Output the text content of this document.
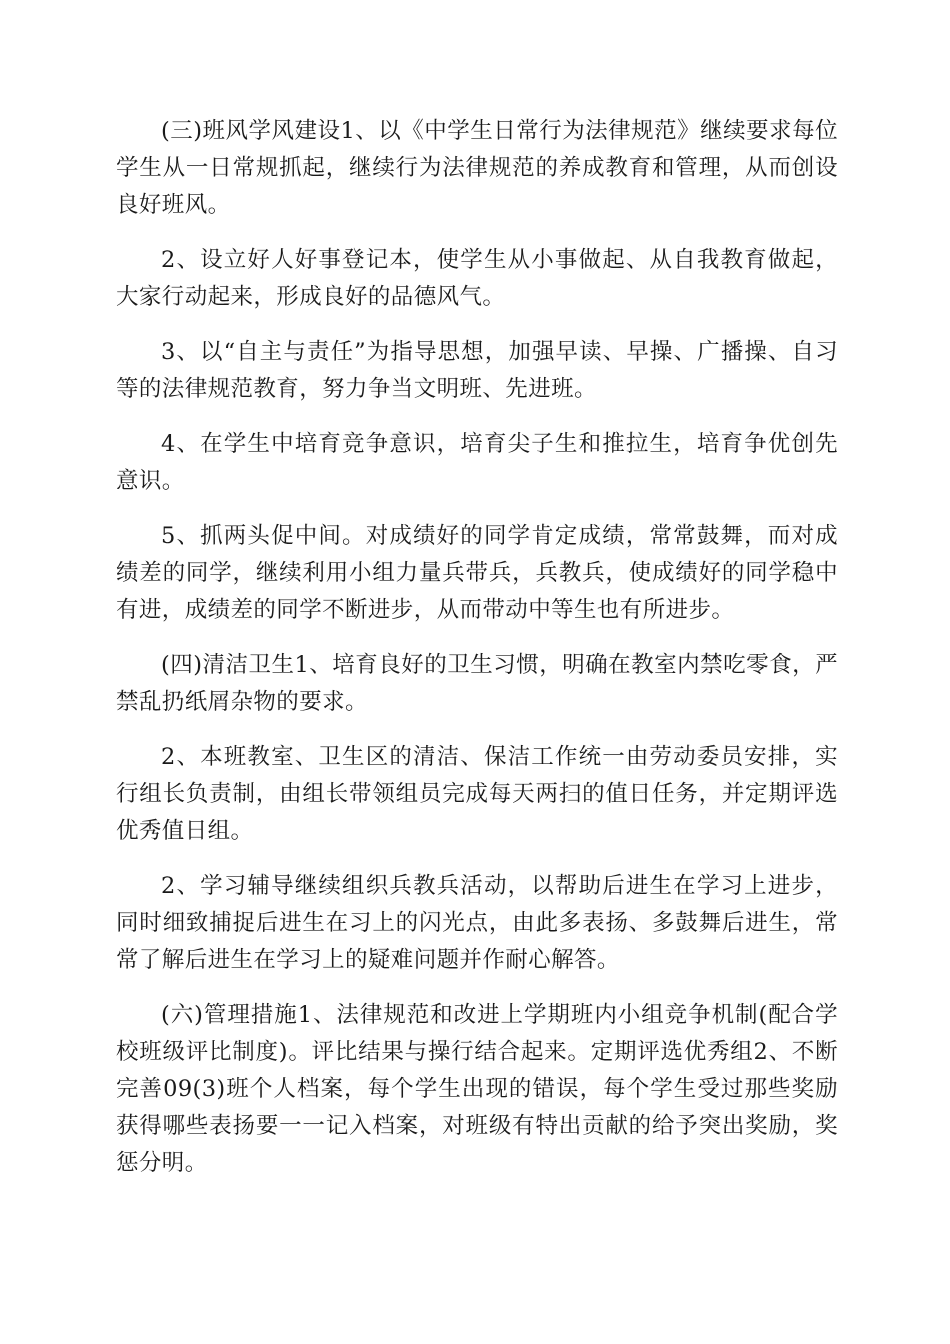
(三)班风学风建设1、以《中学生日常行为法律规范》继续要求每位学生从一日常规抓起，继续行为法律规范的养成教育和管理，从而创设良好班风。

2、设立好人好事登记本，使学生从小事做起、从自我教育做起，大家行动起来，形成良好的品德风气。

3、以“自主与责任”为指导思想，加强早读、早操、广播操、自习等的法律规范教育，努力争当文明班、先进班。

4、在学生中培育竞争意识，培育尖子生和推拉生，培育争优创先意识。

5、抓两头促中间。对成绩好的同学肯定成绩，常常鼓舞，而对成绩差的同学，继续利用小组力量兵带兵，兵教兵，使成绩好的同学稳中有进，成绩差的同学不断进步，从而带动中等生也有所进步。

(四)清洁卫生1、培育良好的卫生习惯，明确在教室内禁吃零食，严禁乱扔纸屑杂物的要求。

2、本班教室、卫生区的清洁、保洁工作统一由劳动委员安排，实行组长负责制，由组长带领组员完成每天两扫的值日任务，并定期评选优秀值日组。

2、学习辅导继续组织兵教兵活动，以帮助后进生在学习上进步，同时细致捕捉后进生在习上的闪光点，由此多表扬、多鼓舞后进生，常常了解后进生在学习上的疑难问题并作耐心解答。

(六)管理措施1、法律规范和改进上学期班内小组竞争机制(配合学校班级评比制度)。评比结果与操行结合起来。定期评选优秀组2、不断完善09(3)班个人档案，每个学生出现的错误，每个学生受过那些奖励获得哪些表扬要一一记入档案，对班级有特出贡献的给予突出奖励，奖惩分明。
